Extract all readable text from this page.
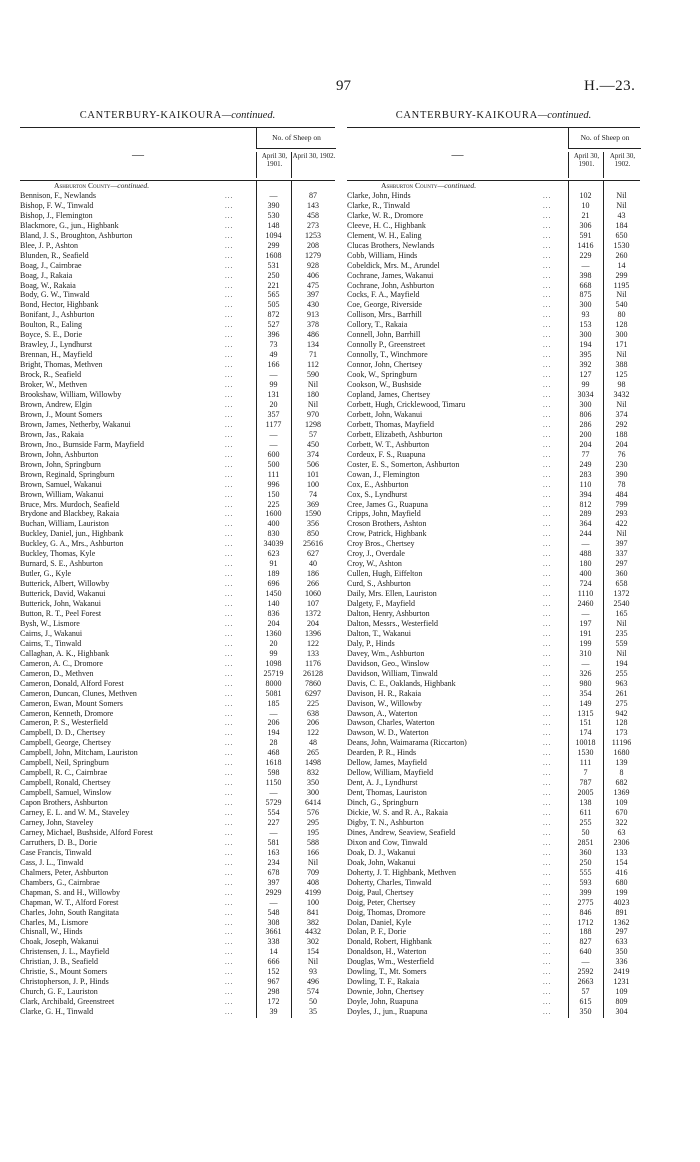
97	H.—23.
CANTERBURY-KAIKOURA—continued.
—
No. of Sheep on
April 30, 1901.
April 30, 1902.
Ashburton County—continued.
Bennison, F., Newlands	...	—	87
Bishop, F. W., Tinwald	...	390	143
Bishop, J., Flemington	...	530	458
Blackmore, G., jun., Highbank	...	148	273
Bland, J. S., Broughton, Ashburton	...	1094	1253
Blee, J. P., Ashton	...	299	208
Blunden, R., Seafield	...	1608	1279
Boag, J., Cairnbrae	...	531	928
Boag, J., Rakaia	...	250	406
Boag, W., Rakaia	...	221	475
Body, G. W., Tinwald	...	565	397
Bond, Hector, Highbank	...	505	430
Bonifant, J., Ashburton	...	872	913
Boulton, R., Ealing	...	527	378
Boyce, S. E., Dorie	...	396	486
Brawley, J., Lyndhurst	...	73	134
Brennan, H., Mayfield	...	49	71
Bright, Thomas, Methven	...	166	112
Brock, R., Seafield	...	—	590
Broker, W., Methven	...	99	Nil
Brookshaw, William, Willowby	...	131	180
Brown, Andrew, Elgin	...	20	Nil
Brown, J., Mount Somers	...	357	970
Brown, James, Netherby, Wakanui	...	1177	1298
Brown, Jas., Rakaia	...	—	57
Brown, Jno., Burnside Farm, Mayfield	...	—	450
Brown, John, Ashburton	...	600	374
Brown, John, Springburn	...	500	506
Brown, Reginald, Springburn	...	111	101
Brown, Samuel, Wakanui	...	996	100
Brown, William, Wakanui	...	150	74
Bruce, Mrs. Murdoch, Seafield	...	225	369
Brydone and Blackbey, Rakaia	...	1600	1590
Buchan, William, Lauriston	...	400	356
Buckley, Daniel, jun., Highbank	...	830	850
Buckley, G. A., Mrs., Ashburton	...	34039	25616
Buckley, Thomas, Kyle	...	623	627
Burnard, S. E., Ashburton	...	91	40
Butler, G., Kyle	...	189	186
Butterick, Albert, Willowby	...	696	266
Butterick, David, Wakanui	...	1450	1060
Butterick, John, Wakanui	...	140	107
Button, R. T., Peel Forest	...	836	1372
Bysh, W., Lismore	...	204	204
Cairns, J., Wakanui	...	1360	1396
Cairns, T., Tinwald	...	20	122
Callaghan, A. K., Highbank	...	99	133
Cameron, A. C., Dromore	...	1098	1176
Cameron, D., Methven	...	25719	26128
Cameron, Donald, Alford Forest	...	8000	7860
Cameron, Duncan, Clunes, Methven	...	5081	6297
Cameron, Ewan, Mount Somers	...	185	225
Cameron, Kenneth, Dromore	...	—	638
Cameron, P. S., Westerfield	...	206	206
Campbell, D. D., Chertsey	...	194	122
Campbell, George, Chertsey	...	28	48
Campbell, John, Mitcham, Lauriston	...	468	265
Campbell, Neil, Springburn	...	1618	1498
Campbell, R. C., Cairnbrae	...	598	832
Campbell, Ronald, Chertsey	...	1150	350
Campbell, Samuel, Winslow	...	—	300
Capon Brothers, Ashburton	...	5729	6414
Carney, E. L. and W. M., Staveley	...	554	576
Carney, John, Staveley	...	227	295
Carney, Michael, Bushside, Alford Forest	...	—	195
Carruthers, D. B., Dorie	...	581	588
Case Francis, Tinwald	...	163	166
Cass, J. L., Tinwald	...	234	Nil
Chalmers, Peter, Ashburton	...	678	709
Chambers, G., Cairnbrae	...	397	408
Chapman, S. and H., Willowby	...	2929	4199
Chapman, W. T., Alford Forest	...	—	100
Charles, John, South Rangitata	...	548	841
Charles, M., Lismore	...	308	382
Chisnall, W., Hinds	...	3661	4432
Choak, Joseph, Wakanui	...	338	302
Christensen, J. L., Mayfield	...	14	154
Christian, J. B., Seafield	...	666	Nil
Christie, S., Mount Somers	...	152	93
Christopherson, J. P., Hinds	...	967	496
Church, G. F., Lauriston	...	298	574
Clark, Archibald, Greenstreet	...	172	50
Clarke, G. H., Tinwald	...	39	35
CANTERBURY-KAIKOURA—continued.
—
No. of Sheep on
April 30, 1901.
April 30, 1902.
Ashburton County—continued.
Clarke, John, Hinds	...	102	Nil
Clarke, R., Tinwald	...	10	Nil
Clarke, W. R., Dromore	...	21	43
Cleeve, H. C., Highbank	...	306	184
Clement, W. H., Ealing	...	591	650
Clucas Brothers, Newlands	...	1416	1530
Cobb, William, Hinds	...	229	260
Cobeldick, Mrs. M., Arundel	...	—	14
Cochrane, James, Wakanui	...	398	299
Cochrane, John, Ashburton	...	668	1195
Cocks, F. A., Mayfield	...	875	Nil
Coe, George, Riverside	...	300	540
Collison, Mrs., Barrhill	...	93	80
Collory, T., Rakaia	...	153	128
Connell, John, Barrhill	...	300	300
Connolly P., Greenstreet	...	194	171
Connolly, T., Winchmore	...	395	Nil
Connor, John, Chertsey	...	392	388
Cook, W., Springburn	...	127	125
Cookson, W., Bushside	...	99	98
Copland, James, Chertsey	...	3034	3432
Corbett, Hugh, Cricklewood, Timaru	...	300	Nil
Corbett, John, Wakanui	...	806	374
Corbett, Thomas, Mayfield	...	286	292
Corbett, Elizabeth, Ashburton	...	200	188
Corbett, W. T., Ashburton	...	204	204
Cordeux, F. S., Ruapuna	...	77	76
Coster, E. S., Somerton, Ashburton	...	249	230
Cowan, J., Flemington	...	283	390
Cox, E., Ashburton	...	110	78
Cox, S., Lyndhurst	...	394	484
Cree, James G., Ruapuna	...	812	799
Cripps, John, Mayfield	...	289	293
Croson Brothers, Ashton	...	364	422
Crow, Patrick, Highbank	...	244	Nil
Croy Bros., Chertsey	...	—	397
Croy, J., Overdale	...	488	337
Croy, W., Ashton	...	180	297
Cullen, Hugh, Eiffelton	...	400	360
Curd, S., Ashburton	...	724	658
Daily, Mrs. Ellen, Lauriston	...	1110	1372
Dalgety, F., Mayfield	...	2460	2540
Dalton, Henry, Ashburton	...	—	165
Dalton, Messrs., Westerfield	...	197	Nil
Dalton, T., Wakanui	...	191	235
Daly, P., Hinds	...	199	559
Davey, Wm., Ashburton	...	310	Nil
Davidson, Geo., Winslow	...	—	194
Davidson, William, Tinwald	...	326	255
Davis, C. E., Oaklands, Highbank	...	980	963
Davison, H. R., Rakaia	...	354	261
Davison, W., Willowby	...	149	275
Dawson, A., Waterton	...	1315	942
Dawson, Charles, Waterton	...	151	128
Dawson, W. D., Waterton	...	174	173
Deans, John, Waimarama (Riccarton)	...	10018	11196
Dearden, P. R., Hinds	...	1530	1680
Dellow, James, Mayfield	...	111	139
Dellow, William, Mayfield	...	7	8
Dent, A. J., Lyndhurst	...	787	682
Dent, Thomas, Lauriston	...	2005	1369
Dinch, G., Springburn	...	138	109
Dickie, W. S. and R. A., Rakaia	...	611	670
Digby, T. N., Ashburton	...	255	322
Dines, Andrew, Seaview, Seafield	...	50	63
Dixon and Cow, Tinwald	...	2851	2306
Doak, D. J., Wakanui	...	360	133
Doak, John, Wakanui	...	250	154
Doherty, J. T. Highbank, Methven	...	555	416
Doherty, Charles, Tinwald	...	593	680
Doig, Paul, Chertsey	...	399	199
Doig, Peter, Chertsey	...	2775	4023
Doig, Thomas, Dromore	...	846	891
Dolan, Daniel, Kyle	...	1712	1362
Dolan, P. F., Dorie	...	188	297
Donald, Robert, Highbank	...	827	633
Donaldson, H., Waterton	...	640	350
Douglas, Wm., Westerfield	...	—	336
Dowling, T., Mt. Somers	...	2592	2419
Dowling, T. F., Rakaia	...	2663	1231
Downie, John, Chertsey	...	57	109
Doyle, John, Ruapuna	...	615	809
Doyles, J., jun., Ruapuna	...	350	304
